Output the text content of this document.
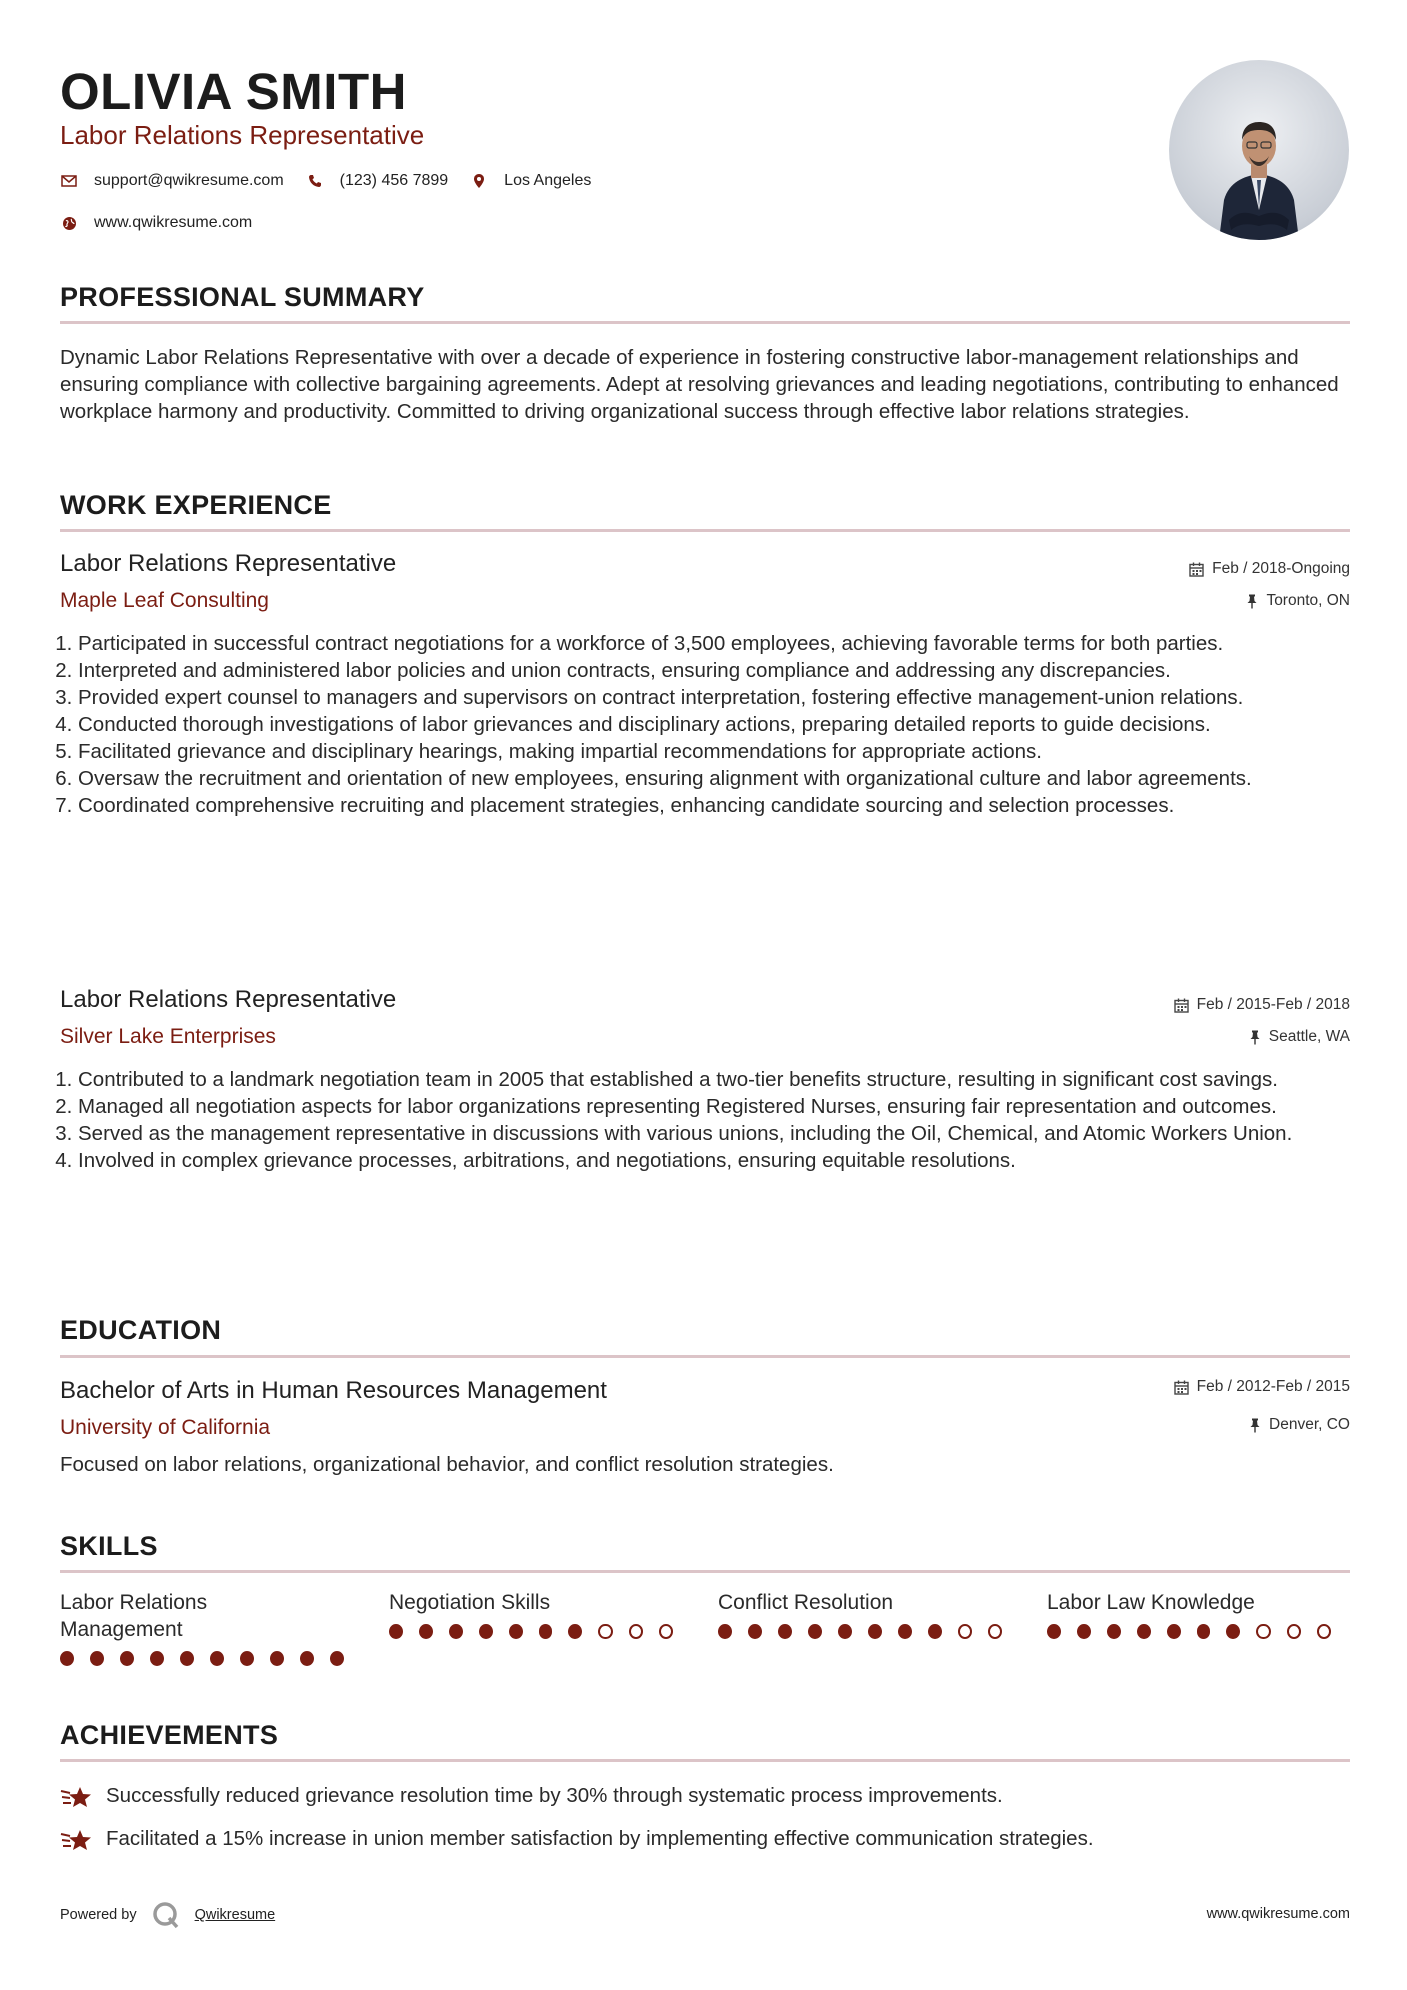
OLIVIA SMITH
Labor Relations Representative
support@qwikresume.com	(123) 456 7899	Los Angeles
www.qwikresume.com
PROFESSIONAL SUMMARY
Dynamic Labor Relations Representative with over a decade of experience in fostering constructive labor-management relationships and ensuring compliance with collective bargaining agreements. Adept at resolving grievances and leading negotiations, contributing to enhanced workplace harmony and productivity. Committed to driving organizational success through effective labor relations strategies.
WORK EXPERIENCE
Labor Relations Representative
Maple Leaf Consulting
Feb / 2018-Ongoing
Toronto, ON
1. Participated in successful contract negotiations for a workforce of 3,500 employees, achieving favorable terms for both parties.
2. Interpreted and administered labor policies and union contracts, ensuring compliance and addressing any discrepancies.
3. Provided expert counsel to managers and supervisors on contract interpretation, fostering effective management-union relations.
4. Conducted thorough investigations of labor grievances and disciplinary actions, preparing detailed reports to guide decisions.
5. Facilitated grievance and disciplinary hearings, making impartial recommendations for appropriate actions.
6. Oversaw the recruitment and orientation of new employees, ensuring alignment with organizational culture and labor agreements.
7. Coordinated comprehensive recruiting and placement strategies, enhancing candidate sourcing and selection processes.
Labor Relations Representative
Silver Lake Enterprises
Feb / 2015-Feb / 2018
Seattle, WA
1. Contributed to a landmark negotiation team in 2005 that established a two-tier benefits structure, resulting in significant cost savings.
2. Managed all negotiation aspects for labor organizations representing Registered Nurses, ensuring fair representation and outcomes.
3. Served as the management representative in discussions with various unions, including the Oil, Chemical, and Atomic Workers Union.
4. Involved in complex grievance processes, arbitrations, and negotiations, ensuring equitable resolutions.
EDUCATION
Bachelor of Arts in Human Resources Management
University of California
Feb / 2012-Feb / 2015
Denver, CO
Focused on labor relations, organizational behavior, and conflict resolution strategies.
SKILLS
Labor Relations Management
Negotiation Skills	Conflict Resolution	Labor Law Knowledge
ACHIEVEMENTS
Successfully reduced grievance resolution time by 30% through systematic process improvements.
Facilitated a 15% increase in union member satisfaction by implementing effective communication strategies.
Powered by	Qwikresume	www.qwikresume.com
